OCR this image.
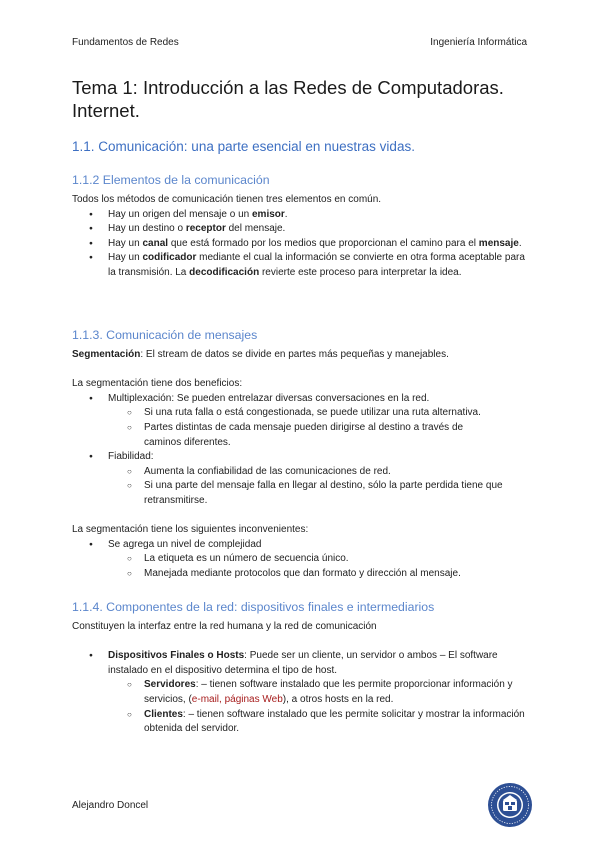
Fundamentos de Redes	Ingeniería Informática
Tema 1: Introducción a las Redes de Computadoras. Internet.
1.1. Comunicación: una parte esencial en nuestras vidas.
1.1.2 Elementos de la comunicación
Todos los métodos de comunicación tienen tres elementos en común.
● Hay un origen del mensaje o un emisor.
● Hay un destino o receptor del mensaje.
● Hay un canal que está formado por los medios que proporcionan el camino para el mensaje.
● Hay un codificador mediante el cual la información se convierte en otra forma aceptable para la transmisión. La decodificación revierte este proceso para interpretar la idea.
1.1.3. Comunicación de mensajes
Segmentación: El stream de datos se divide en partes más pequeñas y manejables.
La segmentación tiene dos beneficios:
● Multiplexación: Se pueden entrelazar diversas conversaciones en la red.
○ Si una ruta falla o está congestionada, se puede utilizar una ruta alternativa.
○ Partes distintas de cada mensaje pueden dirigirse al destino a través de caminos diferentes.
● Fiabilidad:
○ Aumenta la confiabilidad de las comunicaciones de red.
○ Si una parte del mensaje falla en llegar al destino, sólo la parte perdida tiene que retransmitirse.
La segmentación tiene los siguientes inconvenientes:
● Se agrega un nivel de complejidad
○ La etiqueta es un número de secuencia único.
○ Manejada mediante protocolos que dan formato y dirección al mensaje.
1.1.4. Componentes de la red: dispositivos finales e intermediarios
Constituyen la interfaz entre la red humana y la red de comunicación
● Dispositivos Finales o Hosts: Puede ser un cliente, un servidor o ambos – El software instalado en el dispositivo determina el tipo de host.
○ Servidores: – tienen software instalado que les permite proporcionar información y servicios, (e-mail, páginas Web), a otros hosts en la red.
○ Clientes: – tienen software instalado que les permite solicitar y mostrar la información obtenida del servidor.
Alejandro Doncel
